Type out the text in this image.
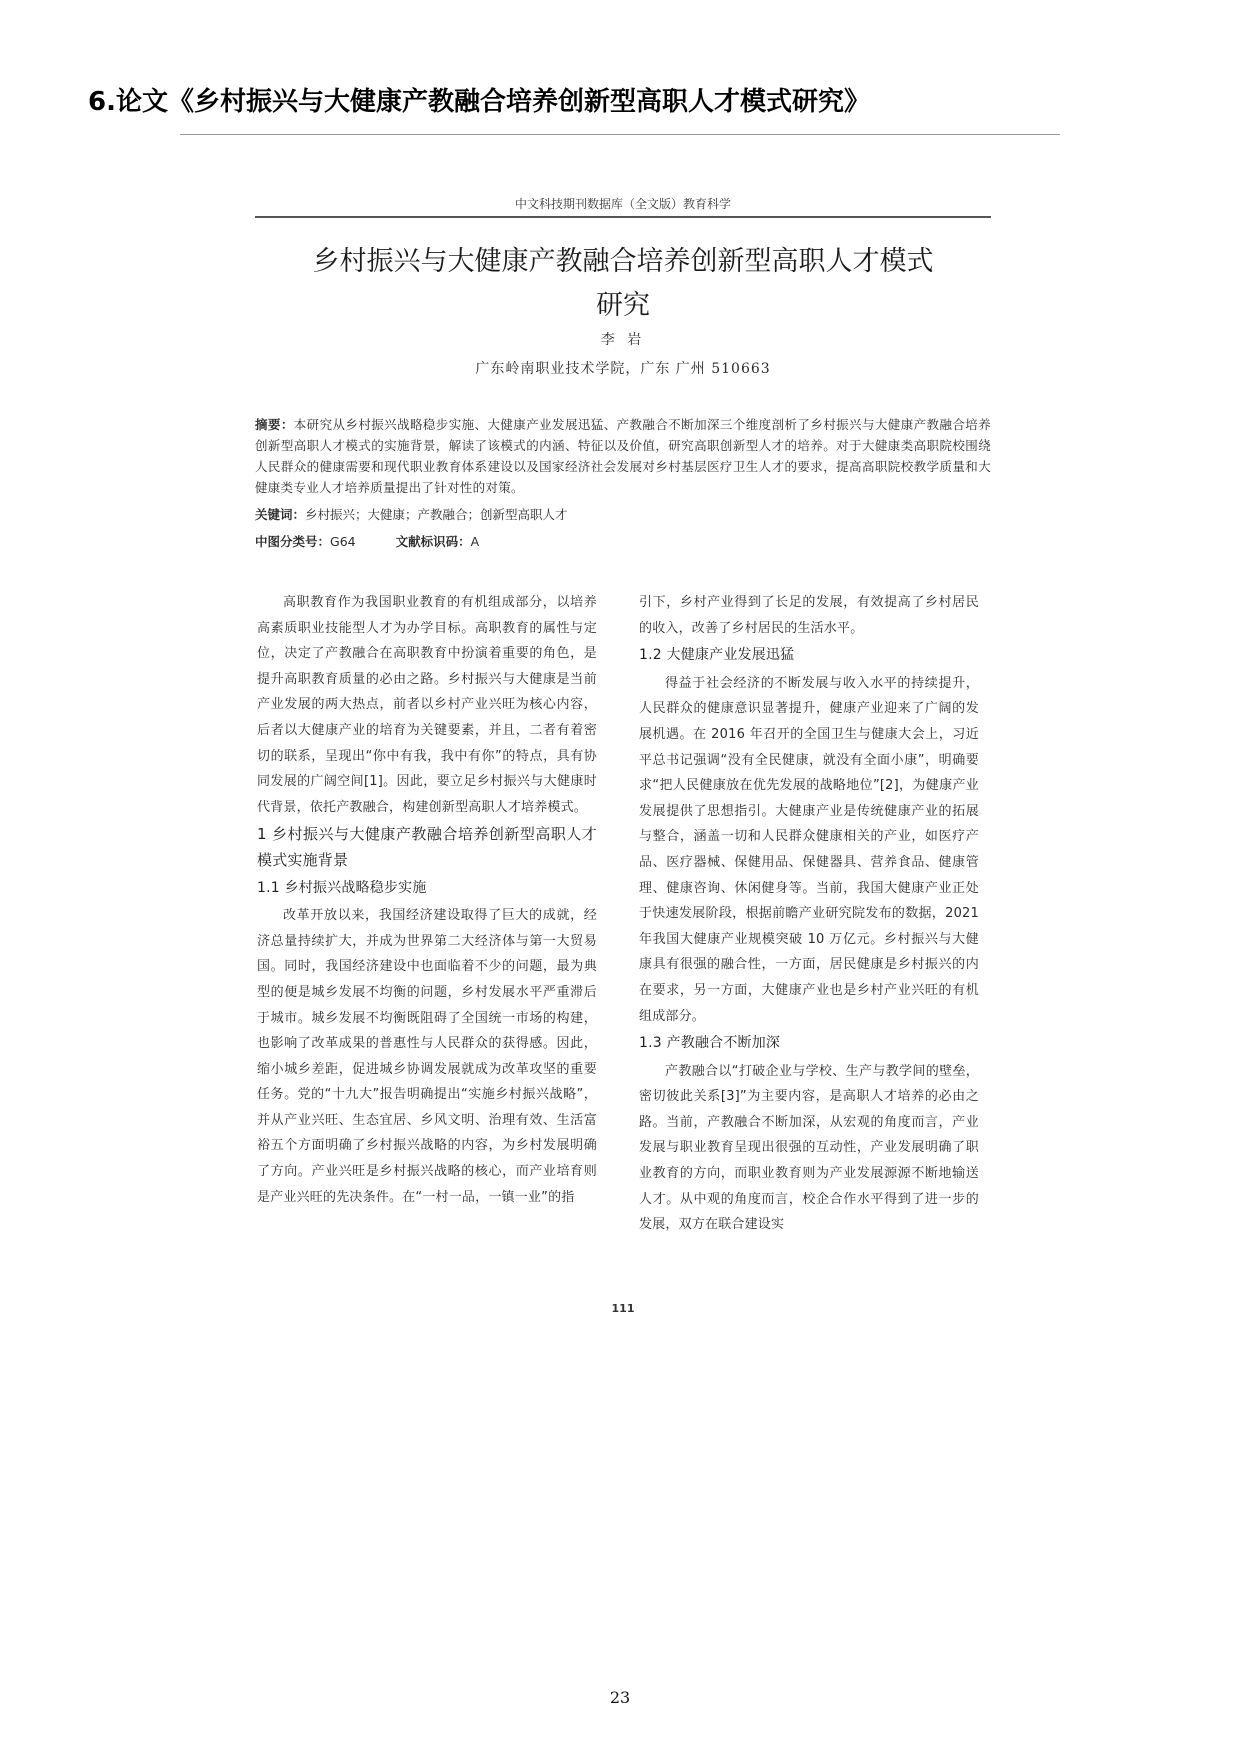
6.论文《乡村振兴与大健康产教融合培养创新型高职人才模式研究》
中文科技期刊数据库（全文版）教育科学
乡村振兴与大健康产教融合培养创新型高职人才模式
研究
李 岩
广东岭南职业技术学院，广东 广州 510663
摘要：本研究从乡村振兴战略稳步实施、大健康产业发展迅猛、产教融合不断加深三个维度剖析了乡村振兴与大健康产教融合培养创新型高职人才模式的实施背景，解读了该模式的内涵、特征以及价值，研究高职创新型人才的培养。对于大健康类高职院校围绕人民群众的健康需要和现代职业教育体系建设以及国家经济社会发展对乡村基层医疗卫生人才的要求，提高高职院校教学质量和大健康类专业人才培养质量提出了针对性的对策。
关键词：乡村振兴；大健康；产教融合；创新型高职人才
中图分类号：G64	文献标识码：A

高职教育作为我国职业教育的有机组成部分，以培养高素质职业技能型人才为办学目标。高职教育的属性与定位，决定了产教融合在高职教育中扮演着重要的角色，是提升高职教育质量的必由之路。乡村振兴与大健康是当前产业发展的两大热点，前者以乡村产业兴旺为核心内容，后者以大健康产业的培育为关键要素，并且，二者有着密切的联系，呈现出“你中有我，我中有你”的特点，具有协同发展的广阔空间[1]。因此，要立足乡村振兴与大健康时代背景，依托产教融合，构建创新型高职人才培养模式。

1 乡村振兴与大健康产教融合培养创新型高职人才模式实施背景
1.1 乡村振兴战略稳步实施

改革开放以来，我国经济建设取得了巨大的成就，经济总量持续扩大，并成为世界第二大经济体与第一大贸易国。同时，我国经济建设中也面临着不少的问题，最为典型的便是城乡发展不均衡的问题，乡村发展水平严重滞后于城市。城乡发展不均衡既阻碍了全国统一市场的构建，也影响了改革成果的普惠性与人民群众的获得感。因此，缩小城乡差距，促进城乡协调发展就成为改革攻坚的重要任务。党的“十九大”报告明确提出“实施乡村振兴战略”，并从产业兴旺、生态宜居、乡风文明、治理有效、生活富裕五个方面明确了乡村振兴战略的内容，为乡村发展明确了方向。产业兴旺是乡村振兴战略的核心，而产业培育则是产业兴旺的先决条件。在“一村一品，一镇一业”的指

引下，乡村产业得到了长足的发展，有效提高了乡村居民的收入，改善了乡村居民的生活水平。

1.2 大健康产业发展迅猛

得益于社会经济的不断发展与收入水平的持续提升，人民群众的健康意识显著提升，健康产业迎来了广阔的发展机遇。在 2016 年召开的全国卫生与健康大会上，习近平总书记强调“没有全民健康，就没有全面小康”，明确要求“把人民健康放在优先发展的战略地位”[2]，为健康产业发展提供了思想指引。大健康产业是传统健康产业的拓展与整合，涵盖一切和人民群众健康相关的产业，如医疗产品、医疗器械、保健用品、保健器具、营养食品、健康管理、健康咨询、休闲健身等。当前，我国大健康产业正处于快速发展阶段，根据前瞻产业研究院发布的数据，2021 年我国大健康产业规模突破 10 万亿元。乡村振兴与大健康具有很强的融合性，一方面，居民健康是乡村振兴的内在要求，另一方面，大健康产业也是乡村产业兴旺的有机组成部分。

1.3 产教融合不断加深

产教融合以“打破企业与学校、生产与教学间的壁垒，密切彼此关系[3]”为主要内容，是高职人才培养的必由之路。当前，产教融合不断加深，从宏观的角度而言，产业发展与职业教育呈现出很强的互动性，产业发展明确了职业教育的方向，而职业教育则为产业发展源源不断地输送人才。从中观的角度而言，校企合作水平得到了进一步的发展，双方在联合建设实

111
23
